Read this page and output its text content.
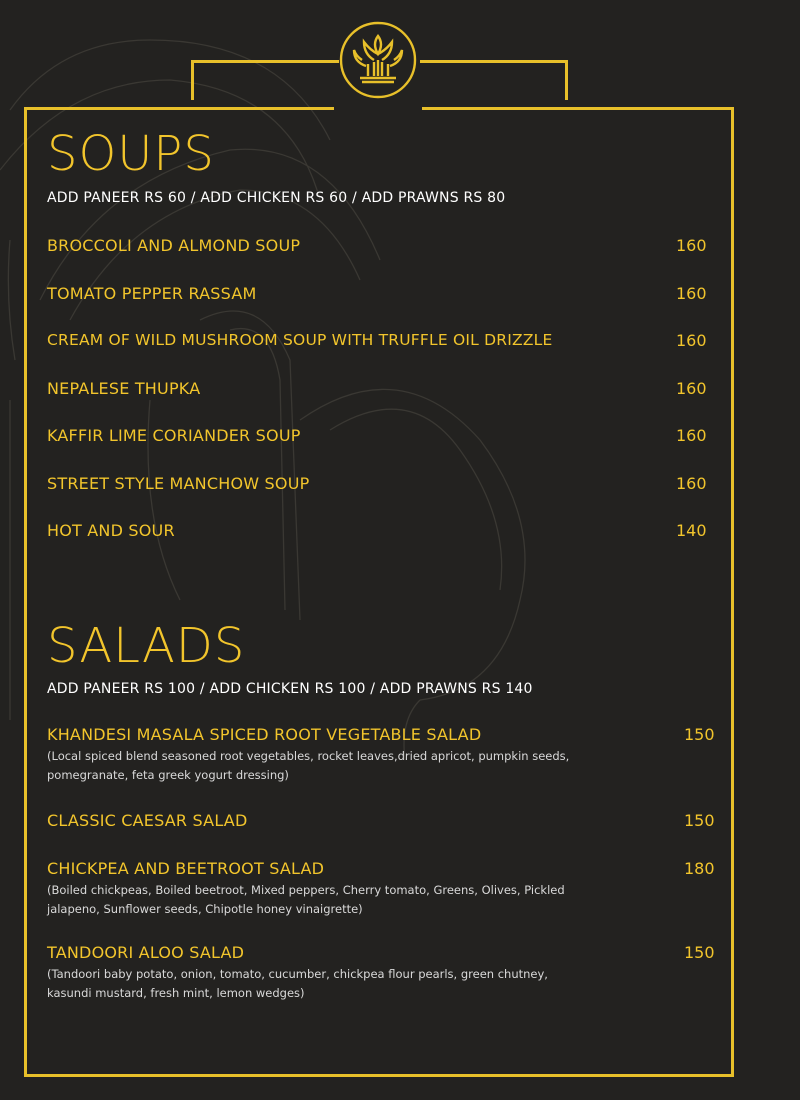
SOUPS
ADD PANEER RS 60 / ADD CHICKEN RS 60 / ADD PRAWNS RS 80
BROCCOLI AND ALMOND SOUP	160
TOMATO PEPPER RASSAM	160
CREAM OF WILD MUSHROOM SOUP WITH TRUFFLE OIL DRIZZLE	160
NEPALESE THUPKA	160
KAFFIR LIME CORIANDER SOUP	160
STREET STYLE MANCHOW SOUP	160
HOT AND SOUR	140
SALADS
ADD PANEER RS 100 / ADD CHICKEN RS 100 / ADD PRAWNS RS 140
KHANDESI MASALA SPICED ROOT VEGETABLE SALAD	150
(Local spiced blend seasoned root vegetables, rocket leaves,dried apricot, pumpkin seeds, pomegranate, feta greek yogurt dressing)
CLASSIC CAESAR SALAD	150
CHICKPEA AND BEETROOT SALAD	180
(Boiled chickpeas, Boiled beetroot, Mixed peppers, Cherry tomato, Greens, Olives, Pickled jalapeno, Sunflower seeds, Chipotle honey vinaigrette)
TANDOORI ALOO SALAD	150
(Tandoori baby potato, onion, tomato, cucumber, chickpea flour pearls, green chutney, kasundi mustard, fresh mint, lemon wedges)
